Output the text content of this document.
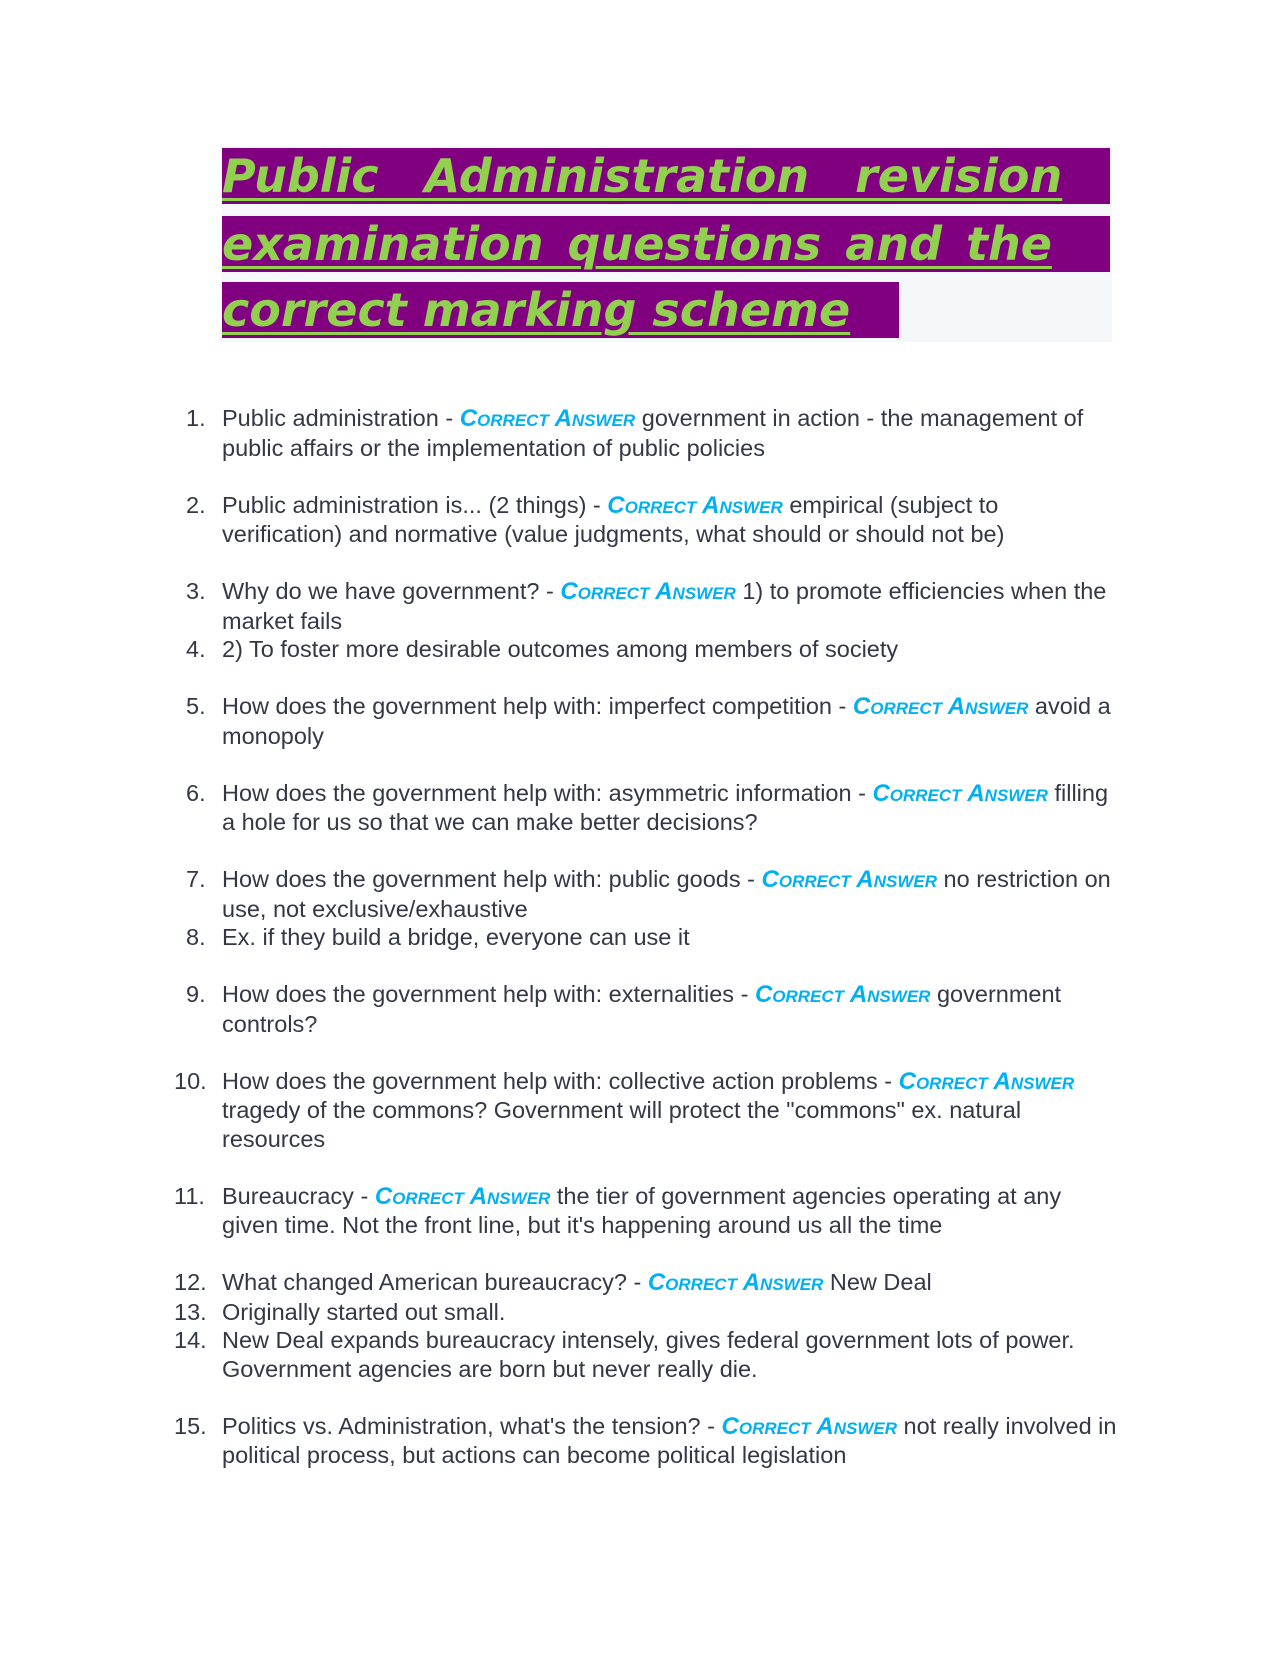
Public Administration revision
examination questions and the
correct marking scheme
1. Public administration - Correct Answer government in action - the management of public affairs or the implementation of public policies
2. Public administration is... (2 things) - Correct Answer empirical (subject to verification) and normative (value judgments, what should or should not be)
3. Why do we have government? - Correct Answer 1) to promote efficiencies when the market fails
4. 2) To foster more desirable outcomes among members of society
5. How does the government help with: imperfect competition - Correct Answer avoid a monopoly
6. How does the government help with: asymmetric information - Correct Answer filling a hole for us so that we can make better decisions?
7. How does the government help with: public goods - Correct Answer no restriction on use, not exclusive/exhaustive
8. Ex. if they build a bridge, everyone can use it
9. How does the government help with: externalities - Correct Answer government controls?
10. How does the government help with: collective action problems - Correct Answer tragedy of the commons? Government will protect the "commons" ex. natural resources
11. Bureaucracy - Correct Answer the tier of government agencies operating at any given time. Not the front line, but it's happening around us all the time
12. What changed American bureaucracy? - Correct Answer New Deal
13. Originally started out small.
14. New Deal expands bureaucracy intensely, gives federal government lots of power. Government agencies are born but never really die.
15. Politics vs. Administration, what's the tension? - Correct Answer not really involved in political process, but actions can become political legislation
